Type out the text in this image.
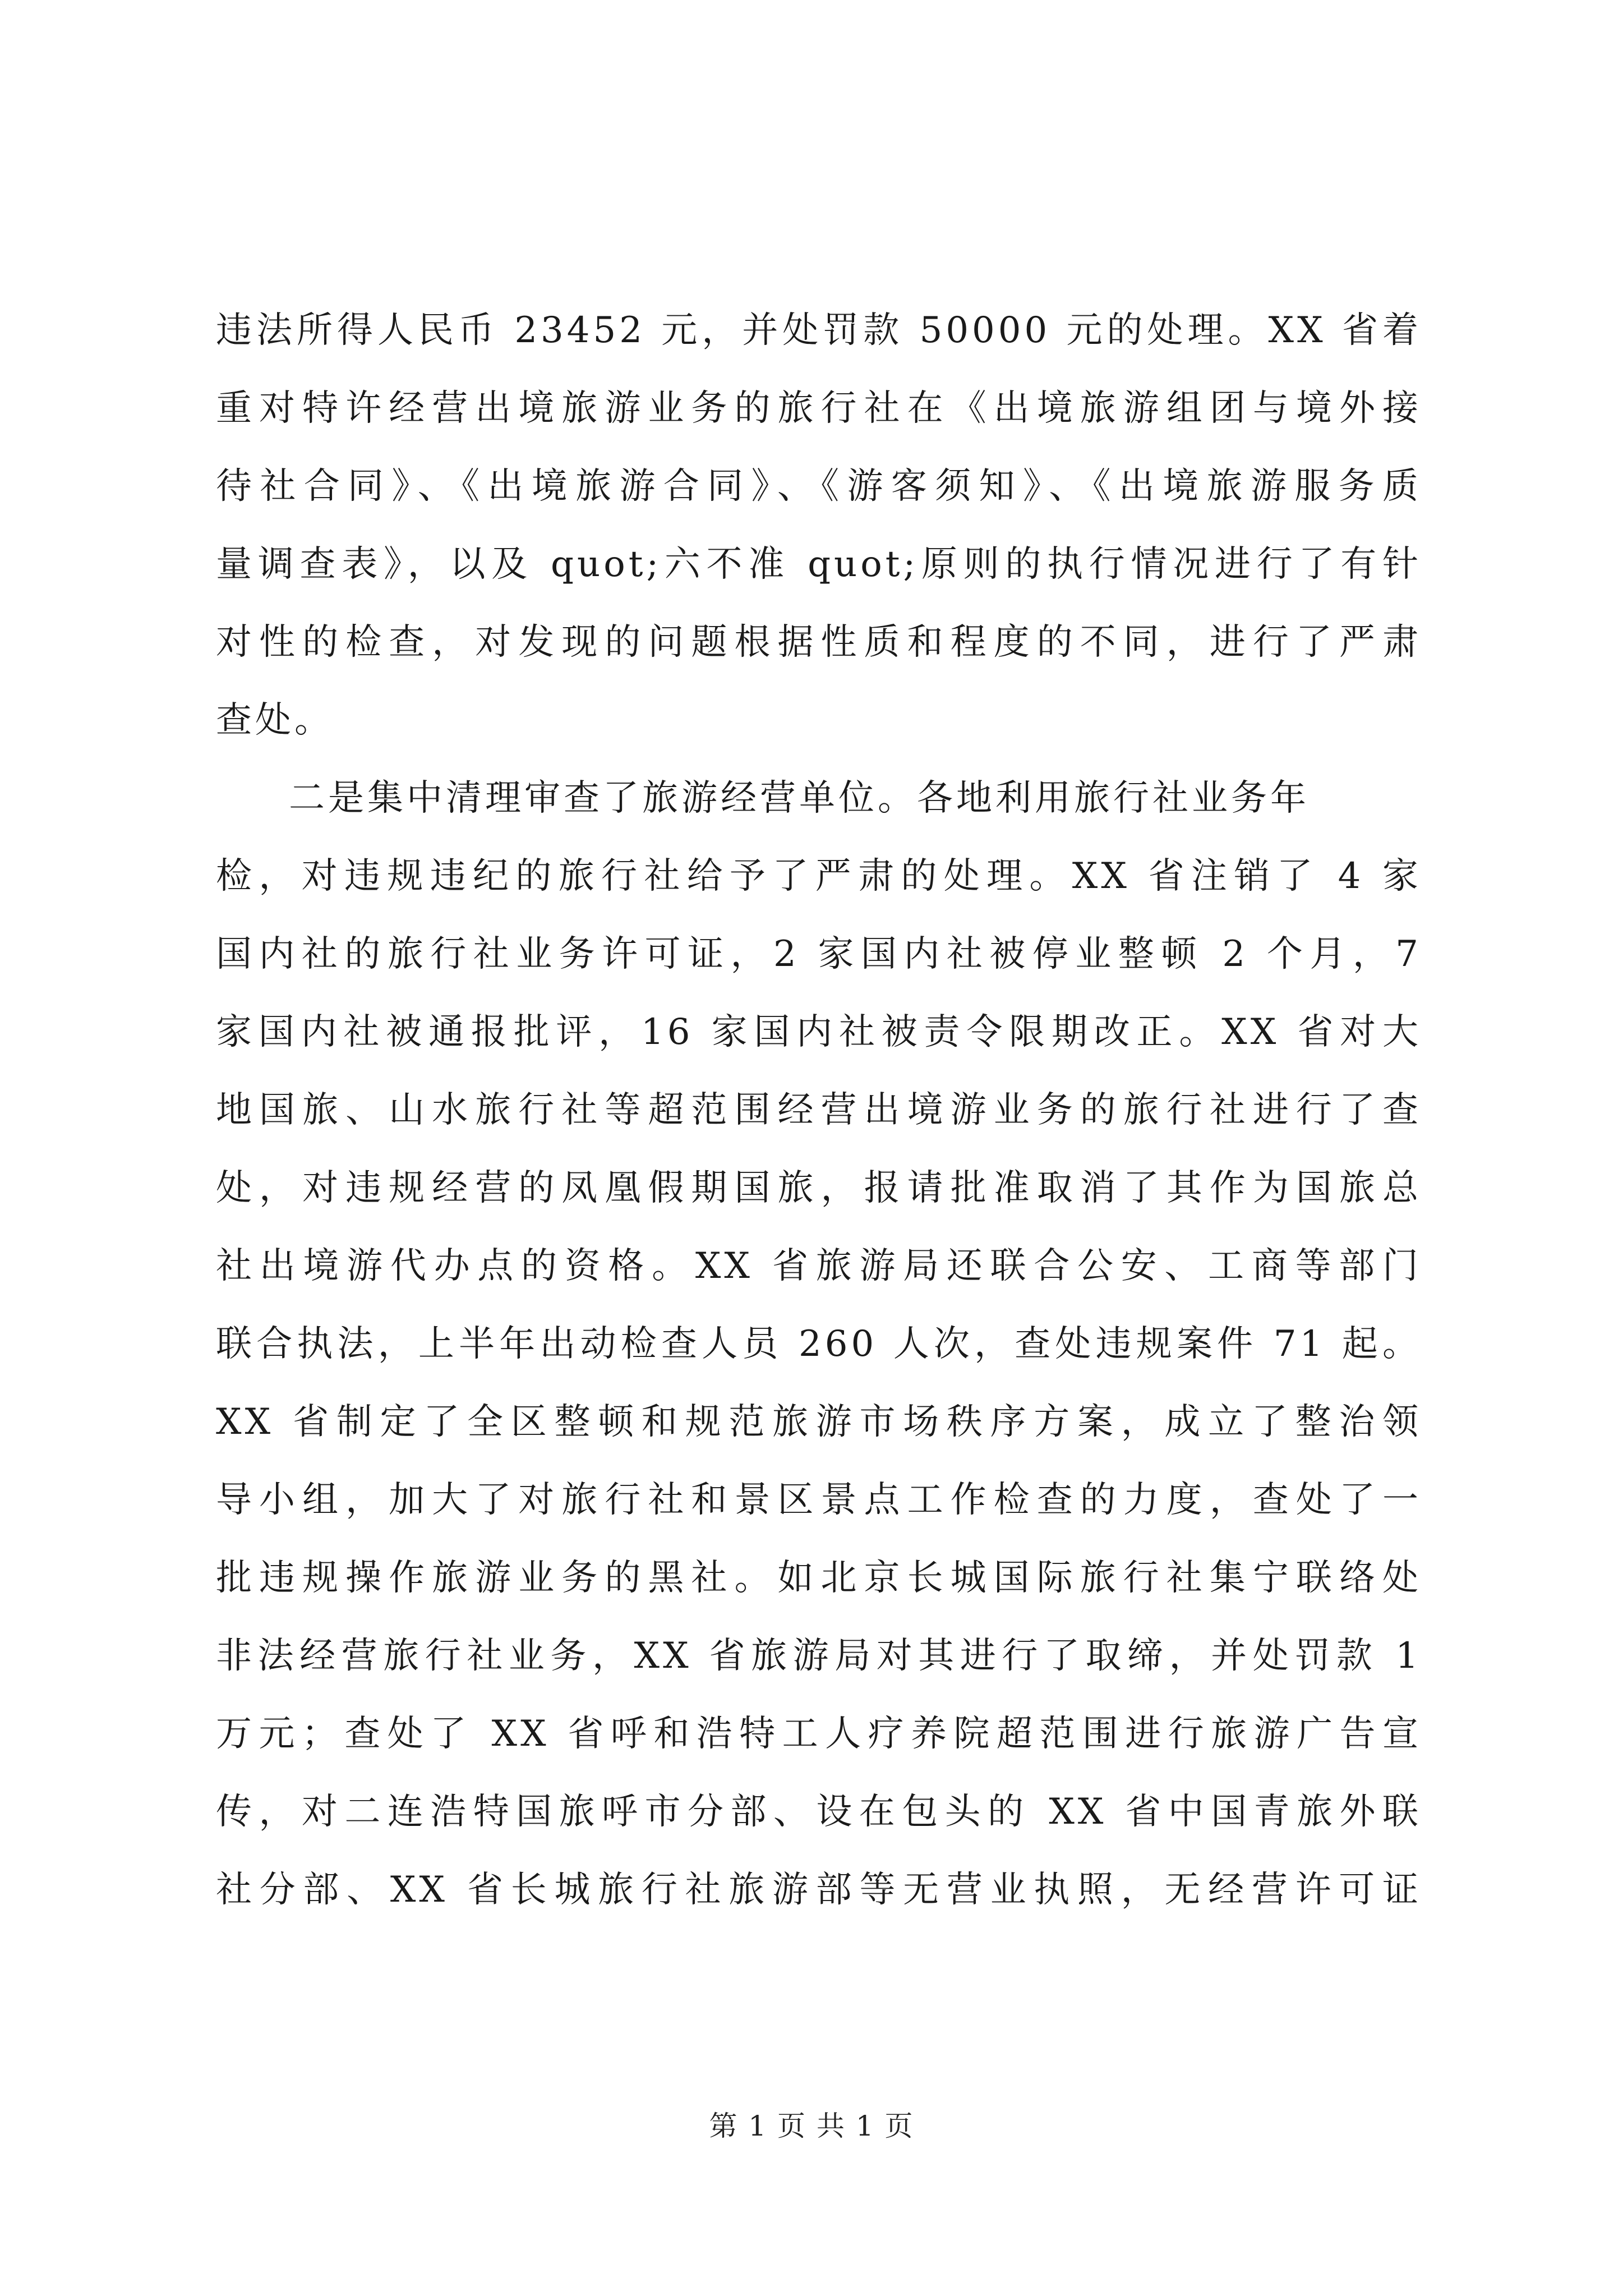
违法所得人民币 23452 元，并处罚款 50000 元的处理。XX 省着
重对特许经营出境旅游业务的旅行社在《出境旅游组团与境外接
待社合同》、《出境旅游合同》、《游客须知》、《出境旅游服务质
量调查表》，以及 quot;六不准 quot;原则的执行情况进行了有针
对性的检查，对发现的问题根据性质和程度的不同，进行了严肃
查处。
二是集中清理审查了旅游经营单位。各地利用旅行社业务年
检，对违规违纪的旅行社给予了严肃的处理。XX 省注销了 4 家
国内社的旅行社业务许可证，2 家国内社被停业整顿 2 个月，7
家国内社被通报批评，16 家国内社被责令限期改正。XX 省对大
地国旅、山水旅行社等超范围经营出境游业务的旅行社进行了查
处，对违规经营的凤凰假期国旅，报请批准取消了其作为国旅总
社出境游代办点的资格。XX 省旅游局还联合公安、工商等部门
联合执法，上半年出动检查人员 260 人次，查处违规案件 71 起。
XX 省制定了全区整顿和规范旅游市场秩序方案，成立了整治领
导小组，加大了对旅行社和景区景点工作检查的力度，查处了一
批违规操作旅游业务的黑社。如北京长城国际旅行社集宁联络处
非法经营旅行社业务，XX 省旅游局对其进行了取缔，并处罚款 1
万元；查处了 XX 省呼和浩特工人疗养院超范围进行旅游广告宣
传，对二连浩特国旅呼市分部、设在包头的 XX 省中国青旅外联
社分部、XX 省长城旅行社旅游部等无营业执照，无经营许可证
第 1 页 共 1 页
